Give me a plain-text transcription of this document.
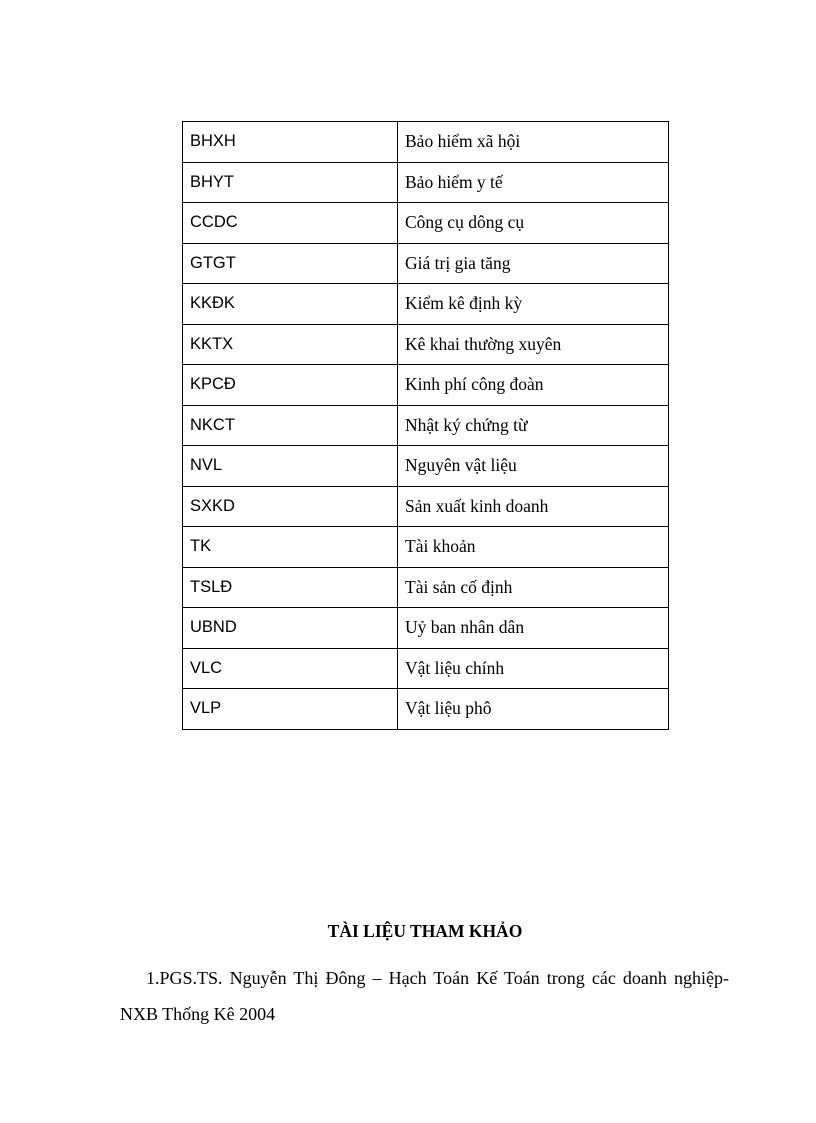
BHXH	Bảo hiểm xã hội
BHYT	Bảo hiểm y tế
CCDC	Công cụ dông cụ
GTGT	Giá trị gia tăng
KKĐK	Kiểm kê định kỳ
KKTX	Kê khai thường xuyên
KPCĐ	Kinh phí công đoàn
NKCT	Nhật ký chứng từ
NVL	Nguyên vật liệu
SXKD	Sản xuất kinh doanh
TK	Tài khoản
TSLĐ	Tài sản cố định
UBND	Uỷ ban nhân dân
VLC	Vật liệu chính
VLP	Vật liệu phô
TÀI LIỆU THAM KHẢO

1.PGS.TS. Nguyễn Thị Đông – Hạch Toán Kế Toán trong các doanh nghiệp- NXB Thống Kê 2004
